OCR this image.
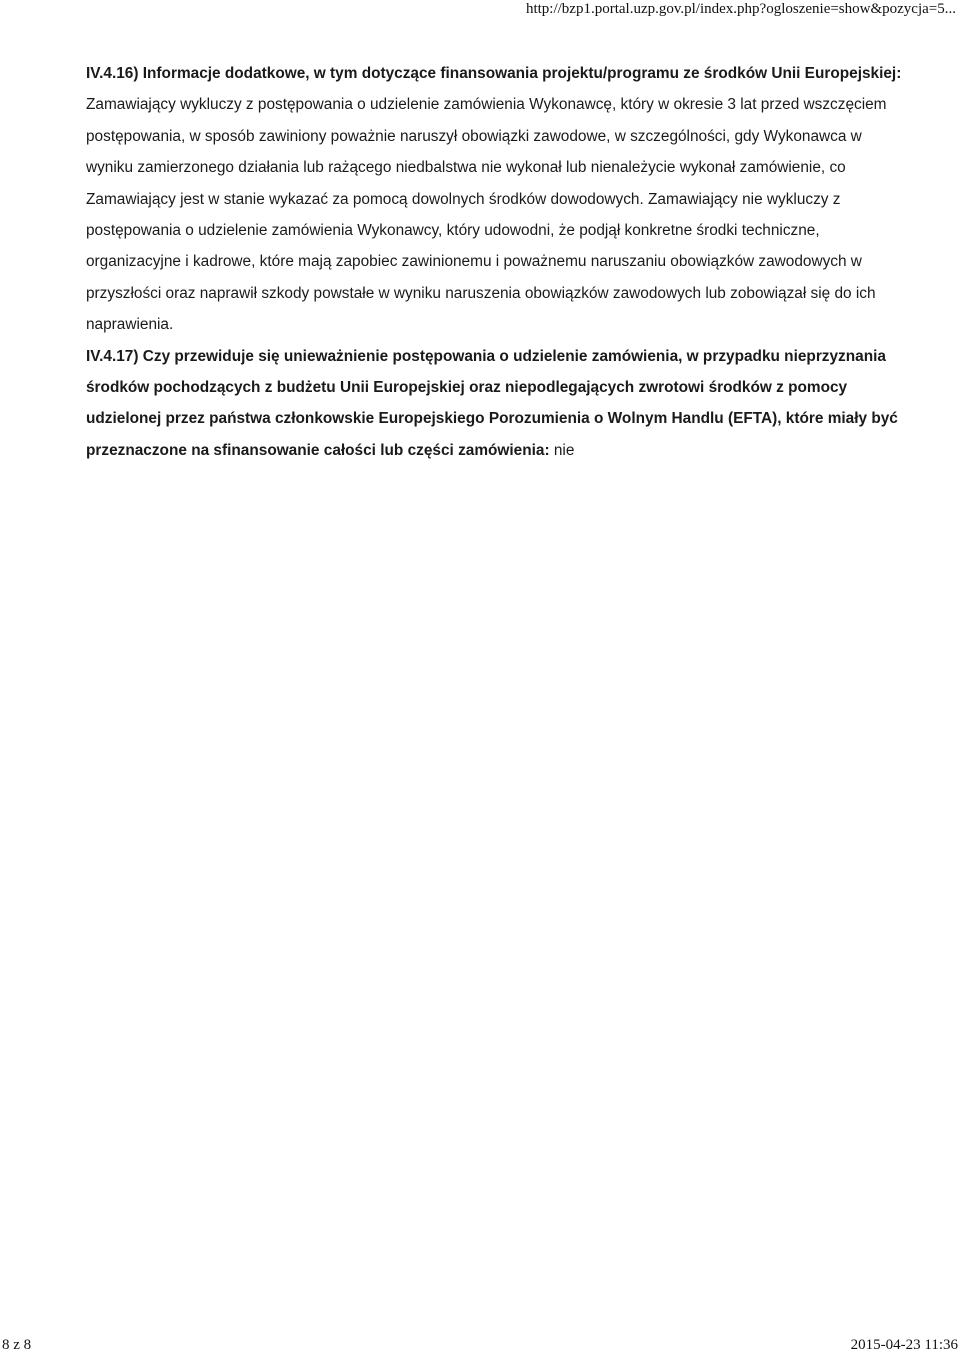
http://bzp1.portal.uzp.gov.pl/index.php?ogloszenie=show&pozycja=5...

IV.4.16) Informacje dodatkowe, w tym dotyczące finansowania projektu/programu ze środków Unii Europejskiej: Zamawiający wykluczy z postępowania o udzielenie zamówienia Wykonawcę, który w okresie 3 lat przed wszczęciem postępowania, w sposób zawiniony poważnie naruszył obowiązki zawodowe, w szczególności, gdy Wykonawca w wyniku zamierzonego działania lub rażącego niedbalstwa nie wykonał lub nienależycie wykonał zamówienie, co Zamawiający jest w stanie wykazać za pomocą dowolnych środków dowodowych. Zamawiający nie wykluczy z postępowania o udzielenie zamówienia Wykonawcy, który udowodni, że podjął konkretne środki techniczne, organizacyjne i kadrowe, które mają zapobiec zawinionemu i poważnemu naruszaniu obowiązków zawodowych w przyszłości oraz naprawił szkody powstałe w wyniku naruszenia obowiązków zawodowych lub zobowiązał się do ich naprawienia.

IV.4.17) Czy przewiduje się unieważnienie postępowania o udzielenie zamówienia, w przypadku nieprzyznania środków pochodzących z budżetu Unii Europejskiej oraz niepodlegających zwrotowi środków z pomocy udzielonej przez państwa członkowskie Europejskiego Porozumienia o Wolnym Handlu (EFTA), które miały być przeznaczone na sfinansowanie całości lub części zamówienia: nie

8 z 8	2015-04-23 11:36
